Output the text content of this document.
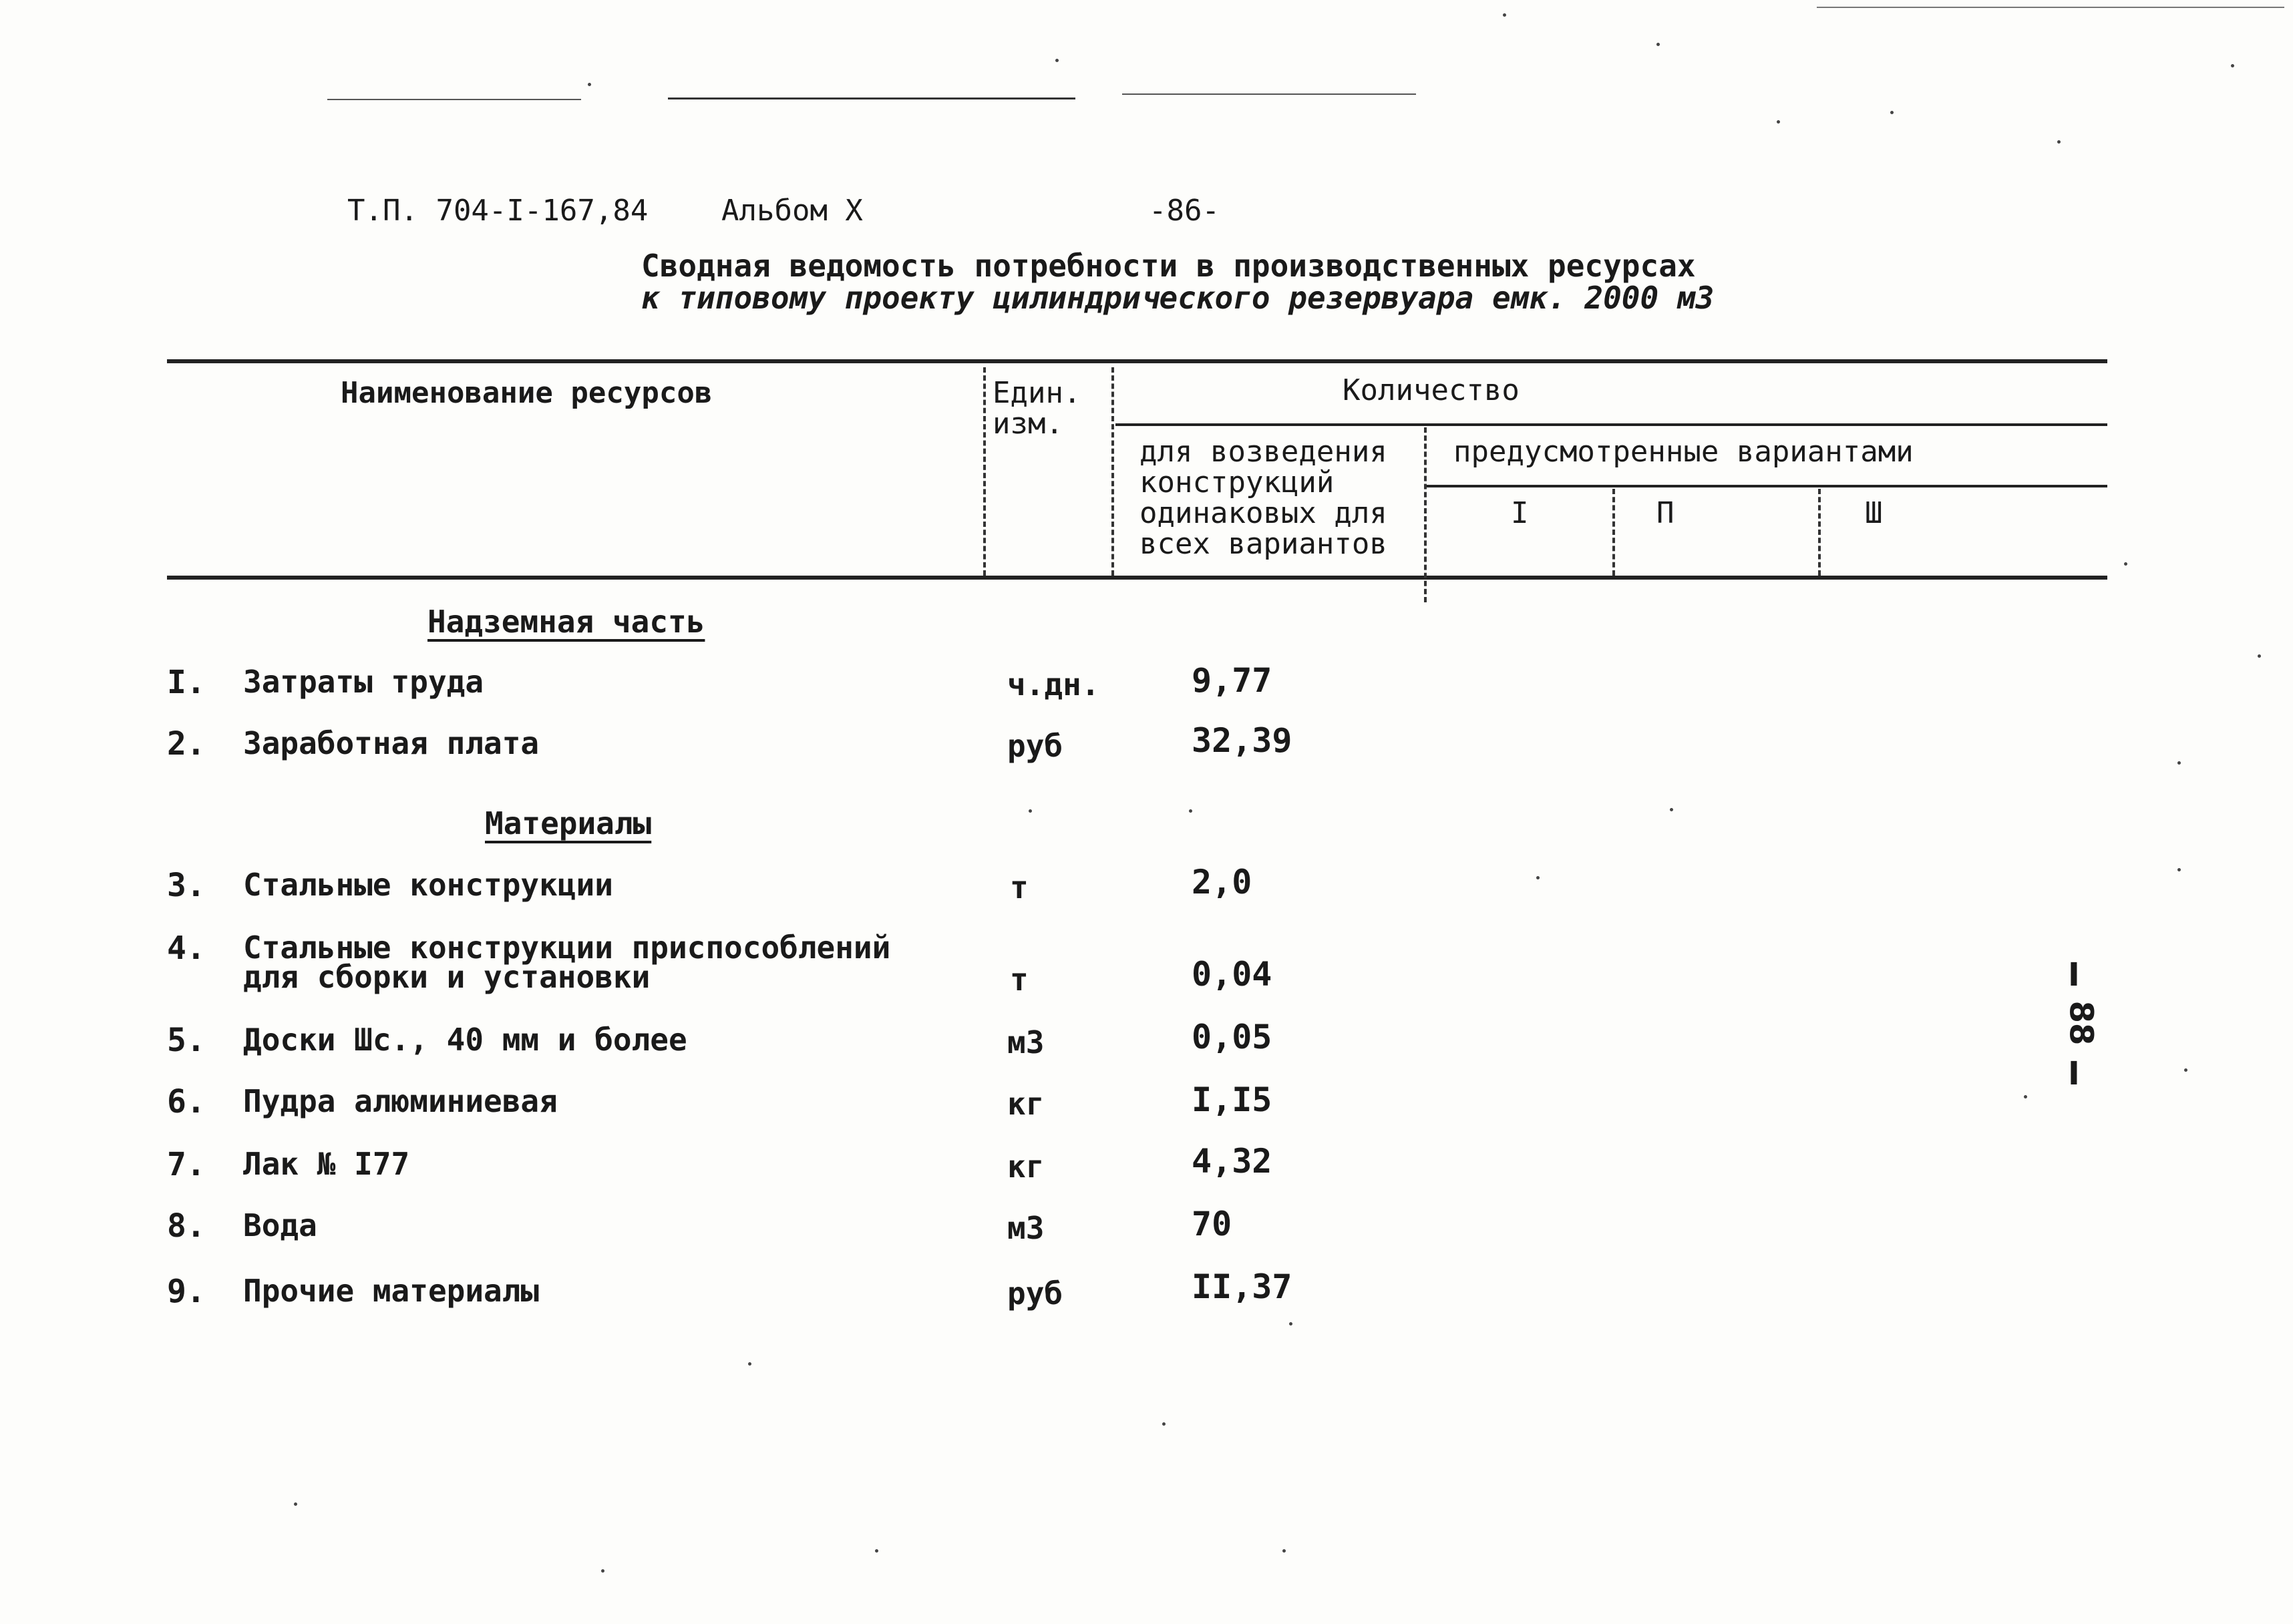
Т.П. 704-I-167,84 Альбом X	-86-
Сводная ведомость потребности в производственных ресурсах
к типовому проекту цилиндрического резервуара емк. 2000 м3
Наименование ресурсов	Един.
изм.
Количество
для возведения
конструкций
одинаковых для
всех вариантов
предусмотренные вариантами
I	П	Ш
Надземная часть
I. Затраты труда	ч.дн.	9,77
2. Заработная плата	руб	32,39
Материалы
3. Стальные конструкции	т	2,0
4. Стальные конструкции приспособлений
для сборки и установки	т	0,04
5. Доски Шс., 40 мм и более	м3	0,05
6. Пудра алюминиевая	кг	I,I5
7. Лак № I77	кг	4,32
8. Вода	м3	70
9. Прочие материалы	руб	II,37
I
88
I
